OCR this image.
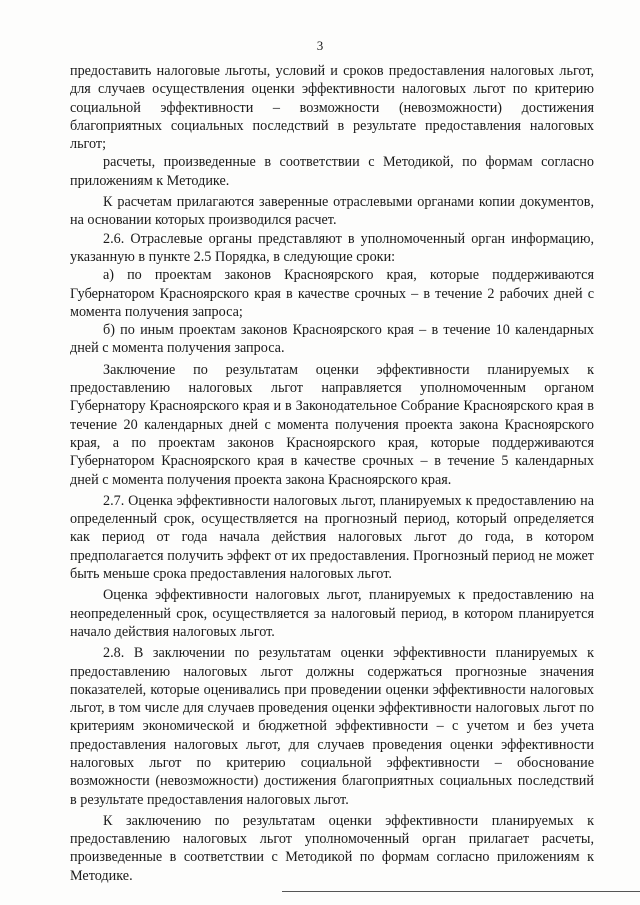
3

предоставить налоговые льготы, условий и сроков предоставления налоговых льгот, для случаев осуществления оценки эффективности налоговых льгот по критерию социальной эффективности – возможности (невозможности) достижения благоприятных социальных последствий в результате предоставления налоговых льгот;

расчеты, произведенные в соответствии с Методикой, по формам согласно приложениям к Методике.

К расчетам прилагаются заверенные отраслевыми органами копии документов, на основании которых производился расчет.

2.6. Отраслевые органы представляют в уполномоченный орган информацию, указанную в пункте 2.5 Порядка, в следующие сроки:

а) по проектам законов Красноярского края, которые поддерживаются Губернатором Красноярского края в качестве срочных – в течение 2 рабочих дней с момента получения запроса;

б) по иным проектам законов Красноярского края – в течение 10 календарных дней с момента получения запроса.

Заключение по результатам оценки эффективности планируемых к предоставлению налоговых льгот направляется уполномоченным органом Губернатору Красноярского края и в Законодательное Собрание Красноярского края в течение 20 календарных дней с момента получения проекта закона Красноярского края, а по проектам законов Красноярского края, которые поддерживаются Губернатором Красноярского края в качестве срочных – в течение 5 календарных дней с момента получения проекта закона Красноярского края.

2.7. Оценка эффективности налоговых льгот, планируемых к предоставлению на определенный срок, осуществляется на прогнозный период, который определяется как период от года начала действия налоговых льгот до года, в котором предполагается получить эффект от их предоставления. Прогнозный период не может быть меньше срока предоставления налоговых льгот.

Оценка эффективности налоговых льгот, планируемых к предоставлению на неопределенный срок, осуществляется за налоговый период, в котором планируется начало действия налоговых льгот.

2.8. В заключении по результатам оценки эффективности планируемых к предоставлению налоговых льгот должны содержаться прогнозные значения показателей, которые оценивались при проведении оценки эффективности налоговых льгот, в том числе для случаев проведения оценки эффективности налоговых льгот по критериям экономической и бюджетной эффективности – с учетом и без учета предоставления налоговых льгот, для случаев проведения оценки эффективности налоговых льгот по критерию социальной эффективности – обоснование возможности (невозможности) достижения благоприятных социальных последствий в результате предоставления налоговых льгот.

К заключению по результатам оценки эффективности планируемых к предоставлению налоговых льгот уполномоченный орган прилагает расчеты, произведенные в соответствии с Методикой по формам согласно приложениям к Методике.
